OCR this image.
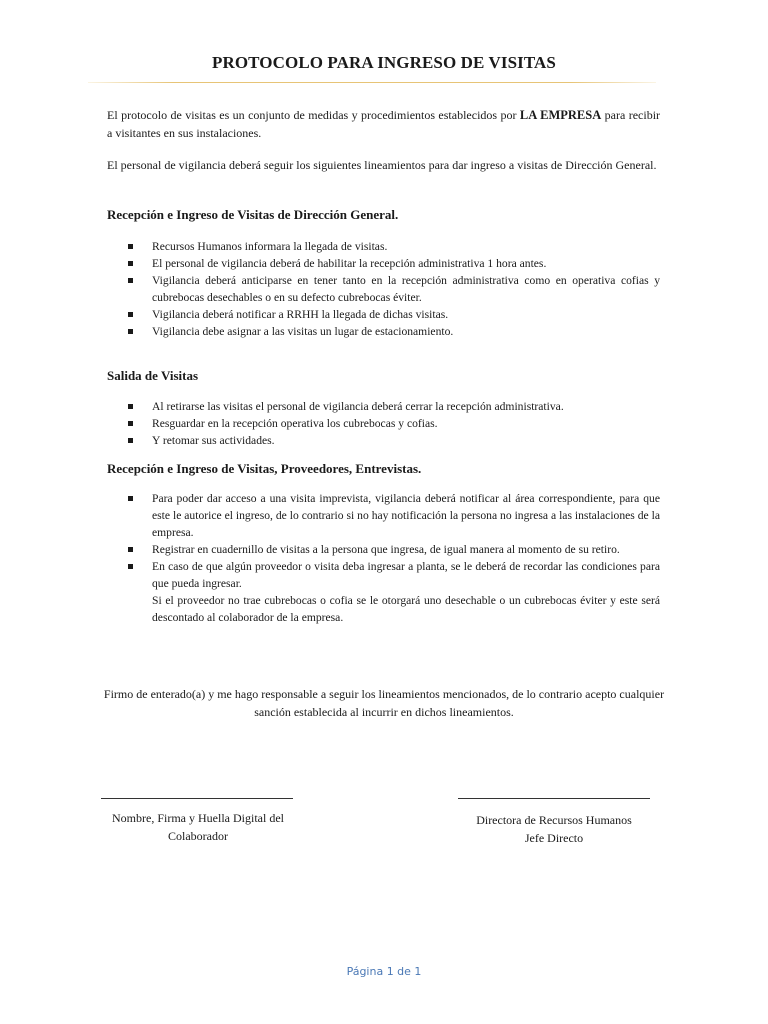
PROTOCOLO PARA INGRESO DE VISITAS
El protocolo de visitas es un conjunto de medidas y procedimientos establecidos por LA EMPRESA para recibir a visitantes en sus instalaciones.
El personal de vigilancia deberá seguir los siguientes lineamientos para dar ingreso a visitas de Dirección General.
Recepción e Ingreso de Visitas de Dirección General.
Recursos Humanos informara la llegada de visitas.
El personal de vigilancia deberá de habilitar la recepción administrativa 1 hora antes.
Vigilancia deberá anticiparse en tener tanto en la recepción administrativa como en operativa cofias y cubrebocas desechables o en su defecto cubrebocas éviter.
Vigilancia deberá notificar a RRHH la llegada de dichas visitas.
Vigilancia debe asignar a las visitas un lugar de estacionamiento.
Salida de Visitas
Al retirarse las visitas el personal de vigilancia deberá cerrar la recepción administrativa.
Resguardar en la recepción operativa los cubrebocas y cofias.
Y retomar sus actividades.
Recepción e Ingreso de Visitas, Proveedores, Entrevistas.
Para poder dar acceso a una visita imprevista, vigilancia deberá notificar al área correspondiente, para que este le autorice el ingreso, de lo contrario si no hay notificación la persona no ingresa a las instalaciones de la empresa.
Registrar en cuadernillo de visitas a la persona que ingresa, de igual manera al momento de su retiro.
En caso de que algún proveedor o visita deba ingresar a planta, se le deberá de recordar las condiciones para que pueda ingresar.
Si el proveedor no trae cubrebocas o cofia se le otorgará uno desechable o un cubrebocas éviter y este será descontado al colaborador de la empresa.
Firmo de enterado(a) y me hago responsable a seguir los lineamientos mencionados, de lo contrario acepto cualquier sanción establecida al incurrir en dichos lineamientos.
Nombre, Firma y Huella Digital del
Colaborador
Directora de Recursos Humanos
Jefe Directo
Página 1 de 1
